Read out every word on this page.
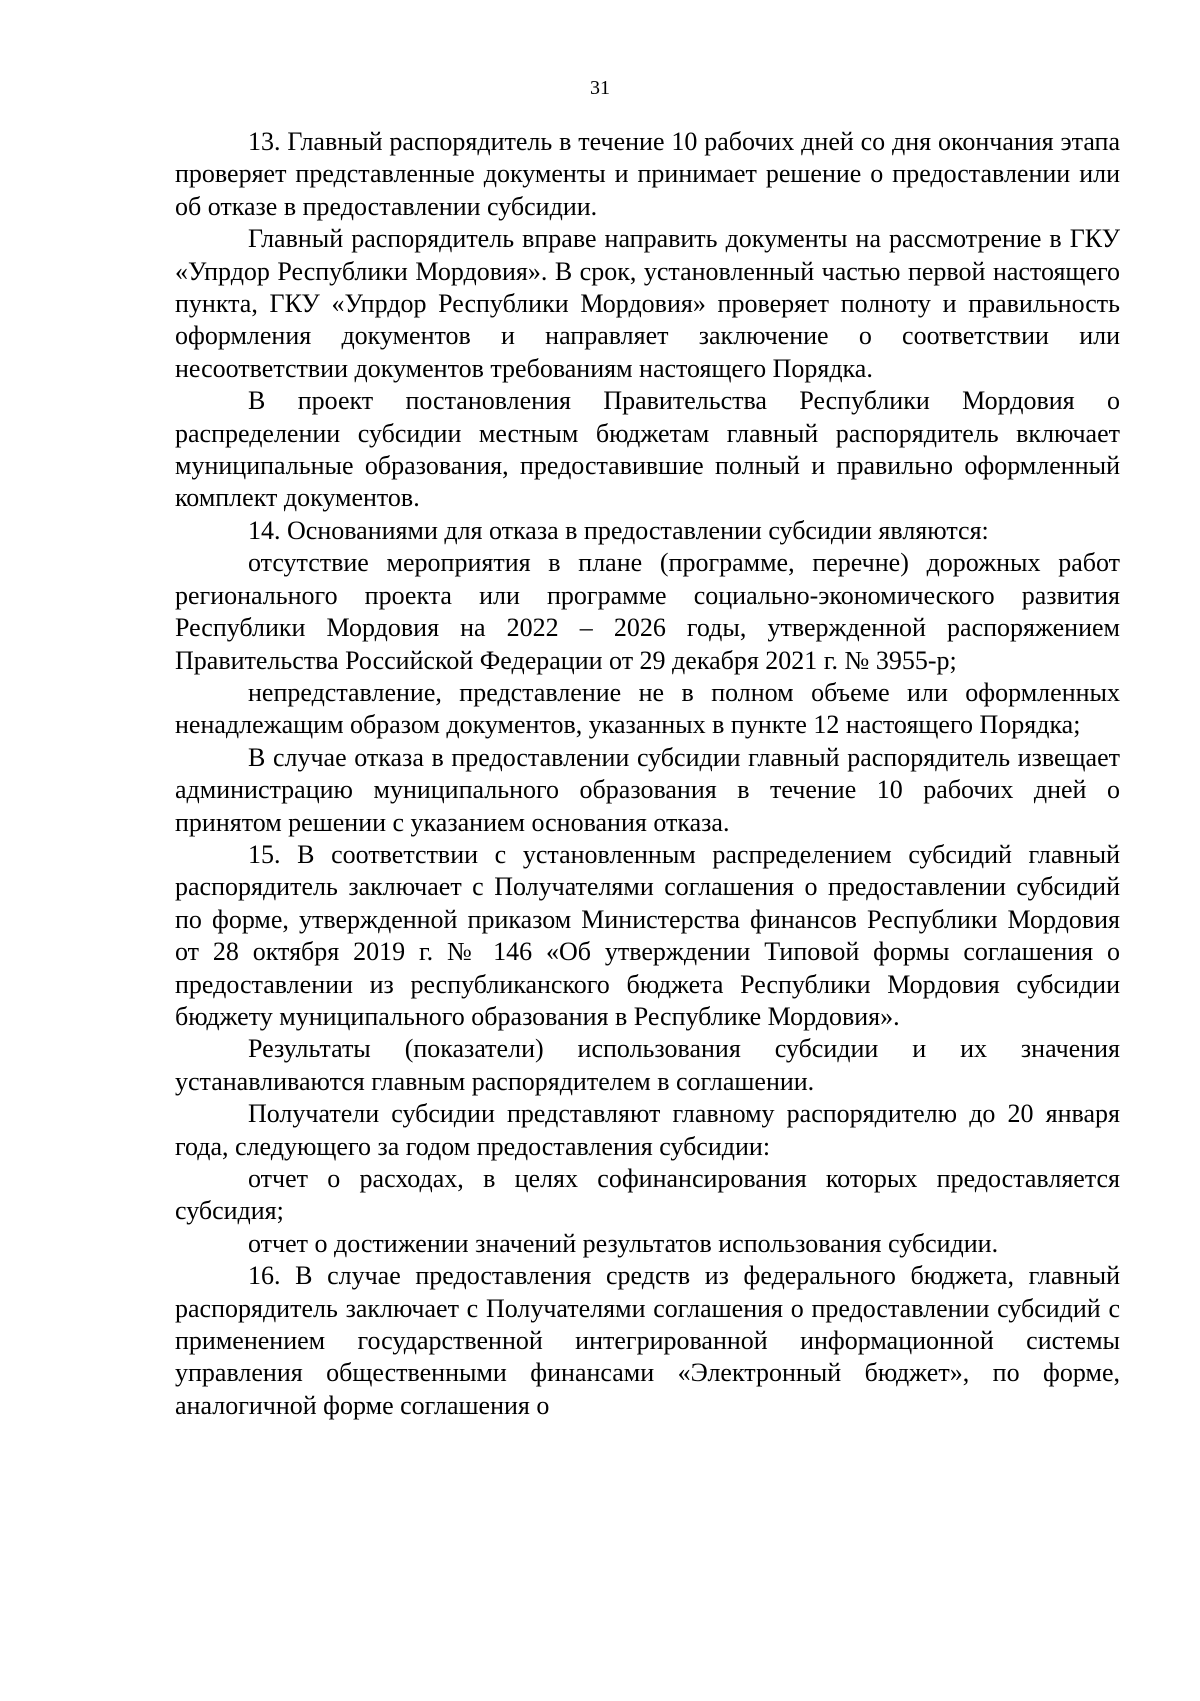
31

13. Главный распорядитель в течение 10 рабочих дней со дня окончания этапа проверяет представленные документы и принимает решение о предоставлении или об отказе в предоставлении субсидии.

Главный распорядитель вправе направить документы на рассмотрение в ГКУ «Упрдор Республики Мордовия». В срок, установленный частью первой настоящего пункта, ГКУ «Упрдор Республики Мордовия» проверяет полноту и правильность оформления документов и направляет заключение о соответствии или несоответствии документов требованиям настоящего Порядка.

В проект постановления Правительства Республики Мордовия о распределении субсидии местным бюджетам главный распорядитель включает муниципальные образования, предоставившие полный и правильно оформленный комплект документов.

14. Основаниями для отказа в предоставлении субсидии являются:

отсутствие мероприятия в плане (программе, перечне) дорожных работ регионального проекта или программе социально-экономического развития Республики Мордовия на 2022 – 2026 годы, утвержденной распоряжением Правительства Российской Федерации от 29 декабря 2021 г. № 3955-р;

непредставление, представление не в полном объеме или оформленных ненадлежащим образом документов, указанных в пункте 12 настоящего Порядка;

В случае отказа в предоставлении субсидии главный распорядитель извещает администрацию муниципального образования в течение 10 рабочих дней о принятом решении с указанием основания отказа.

15. В соответствии с установленным распределением субсидий главный распорядитель заключает с Получателями соглашения о предоставлении субсидий по форме, утвержденной приказом Министерства финансов Республики Мордовия от 28 октября 2019 г. № 146 «Об утверждении Типовой формы соглашения о предоставлении из республиканского бюджета Республики Мордовия субсидии бюджету муниципального образования в Республике Мордовия».

Результаты (показатели) использования субсидии и их значения устанавливаются главным распорядителем в соглашении.

Получатели субсидии представляют главному распорядителю до 20 января года, следующего за годом предоставления субсидии:

отчет о расходах, в целях софинансирования которых предоставляется субсидия;

отчет о достижении значений результатов использования субсидии.

16. В случае предоставления средств из федерального бюджета, главный распорядитель заключает с Получателями соглашения о предоставлении субсидий с применением государственной интегрированной информационной системы управления общественными финансами «Электронный бюджет», по форме, аналогичной форме соглашения о
